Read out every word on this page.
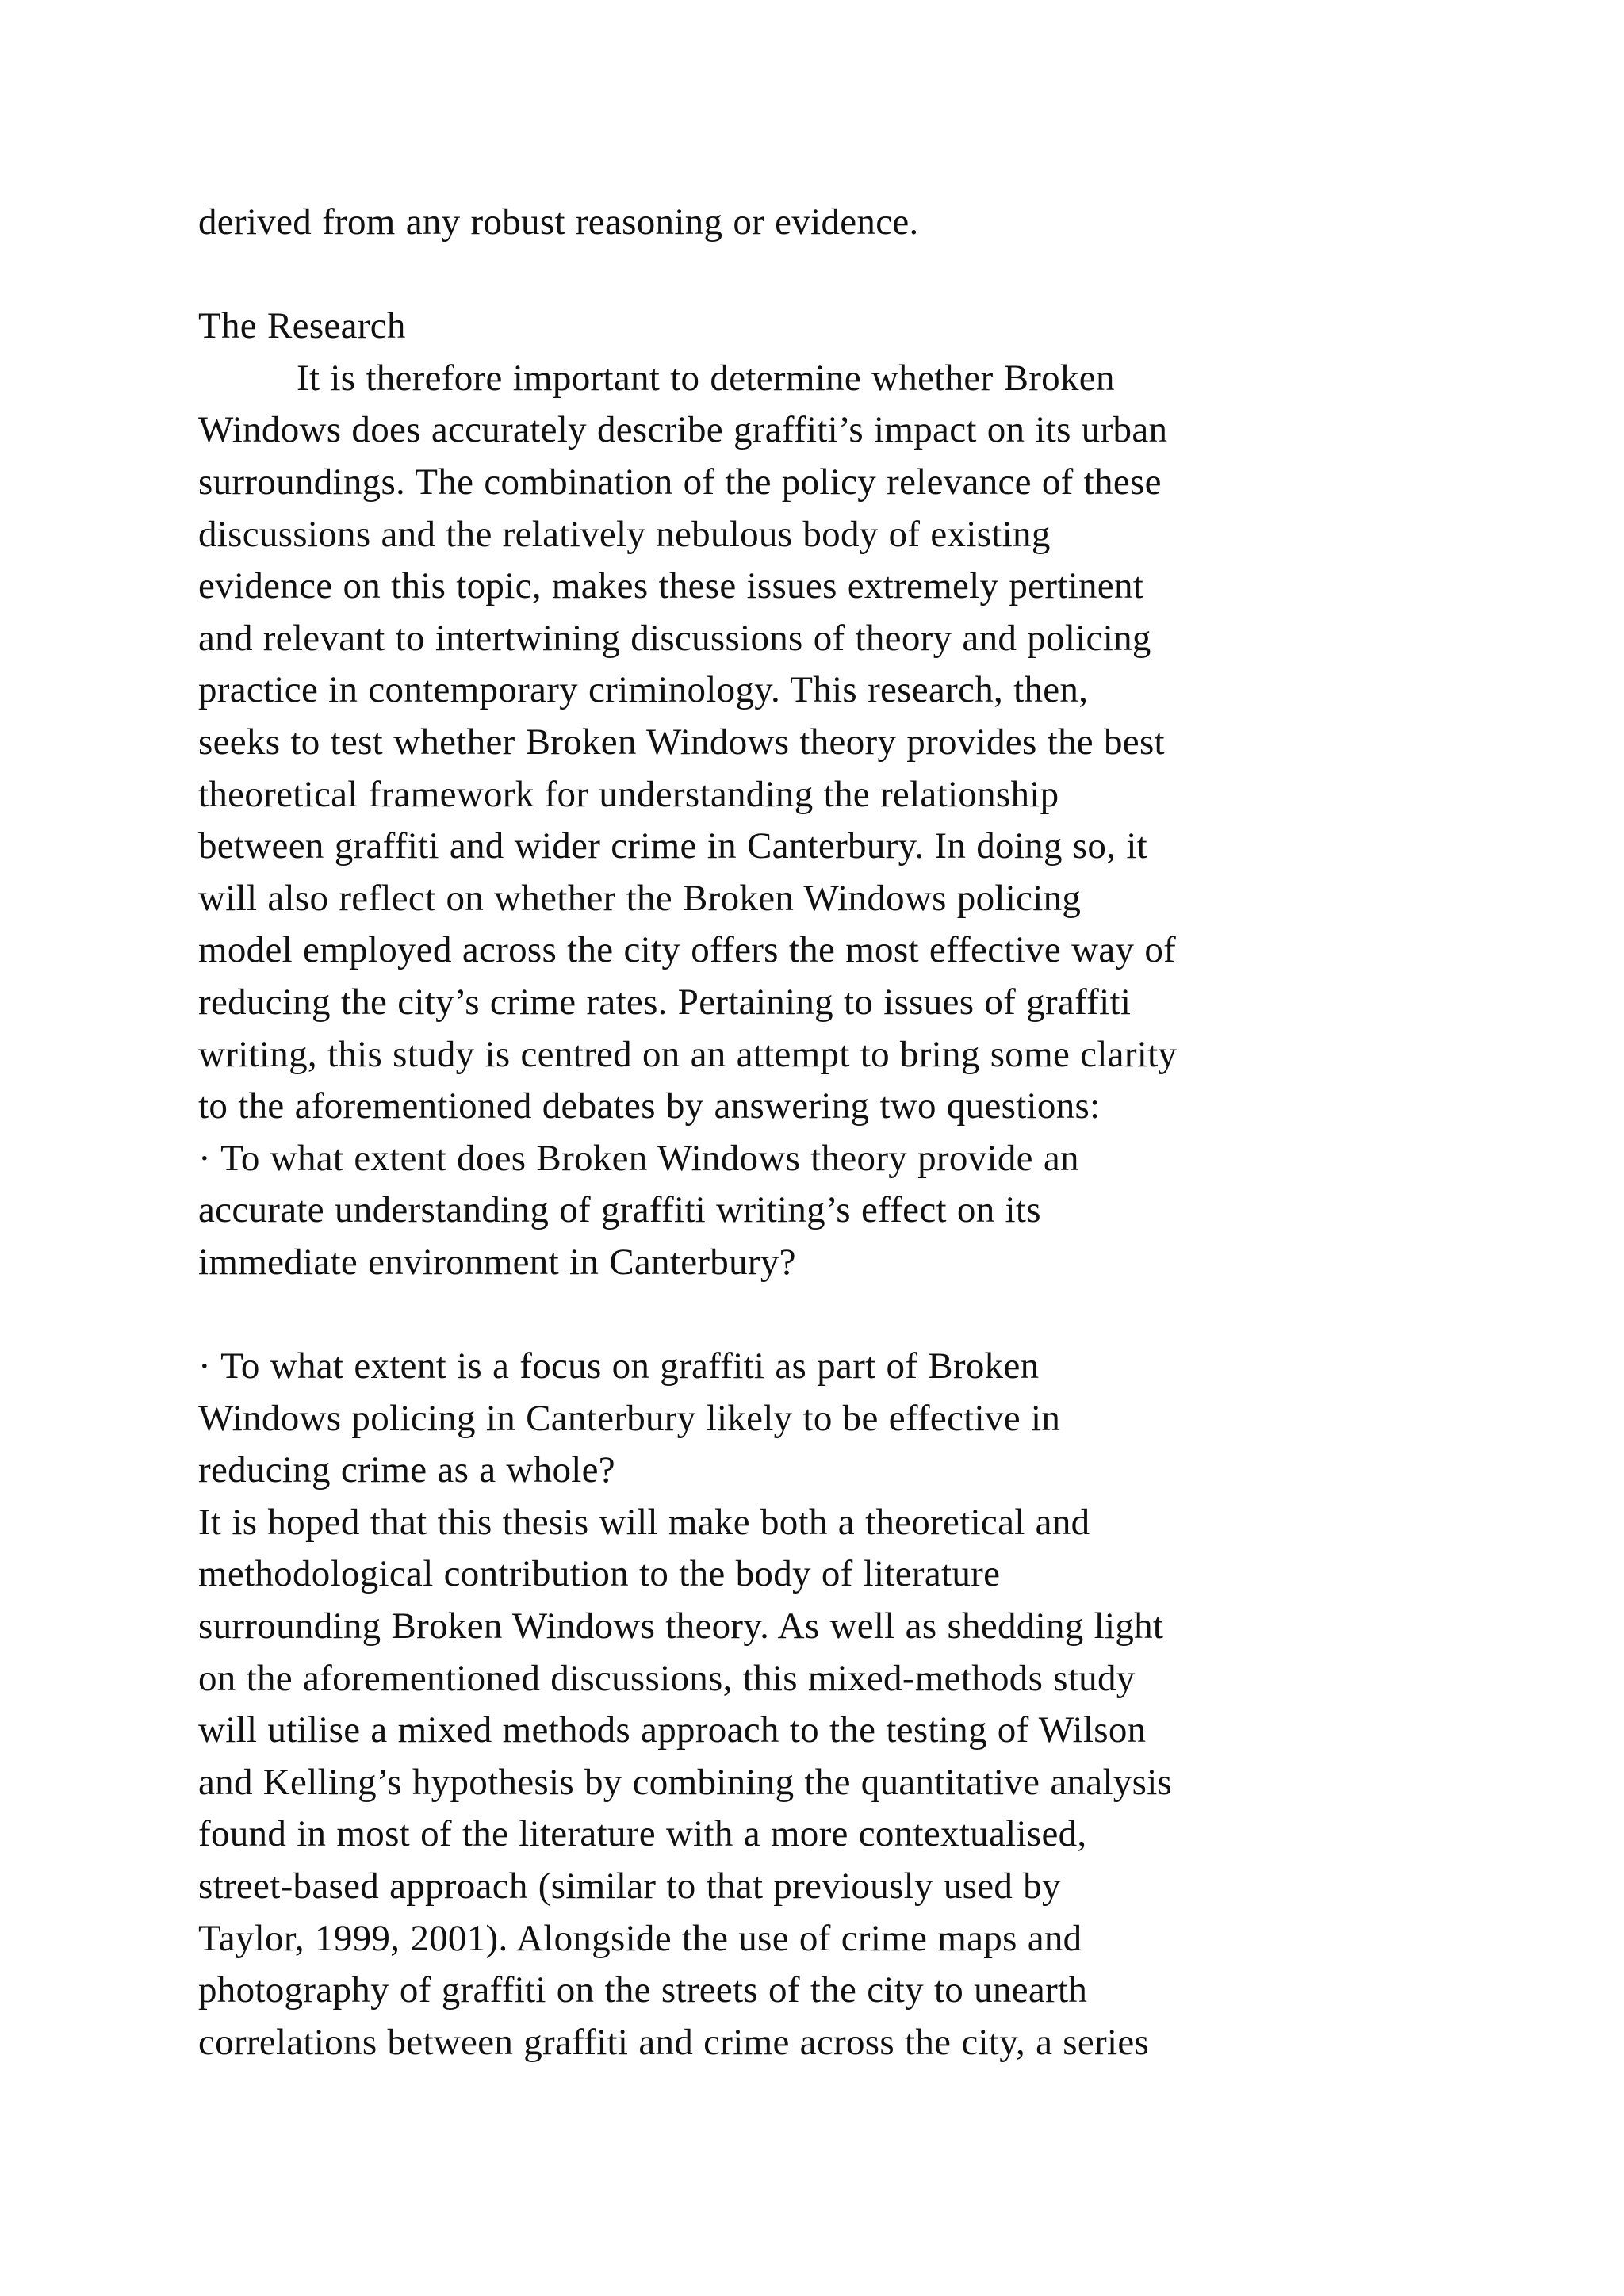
derived from any robust reasoning or evidence.
The Research
It is therefore important to determine whether Broken
Windows does accurately describe graffiti’s impact on its urban
surroundings. The combination of the policy relevance of these
discussions and the relatively nebulous body of existing
evidence on this topic, makes these issues extremely pertinent
and relevant to intertwining discussions of theory and policing
practice in contemporary criminology. This research, then,
seeks to test whether Broken Windows theory provides the best
theoretical framework for understanding the relationship
between graffiti and wider crime in Canterbury. In doing so, it
will also reflect on whether the Broken Windows policing
model employed across the city offers the most effective way of
reducing the city’s crime rates. Pertaining to issues of graffiti
writing, this study is centred on an attempt to bring some clarity
to the aforementioned debates by answering two questions:
· To what extent does Broken Windows theory provide an
accurate understanding of graffiti writing’s effect on its
immediate environment in Canterbury?
· To what extent is a focus on graffiti as part of Broken
Windows policing in Canterbury likely to be effective in
reducing crime as a whole?
It is hoped that this thesis will make both a theoretical and
methodological contribution to the body of literature
surrounding Broken Windows theory. As well as shedding light
on the aforementioned discussions, this mixed-methods study
will utilise a mixed methods approach to the testing of Wilson
and Kelling’s hypothesis by combining the quantitative analysis
found in most of the literature with a more contextualised,
street-based approach (similar to that previously used by
Taylor, 1999, 2001). Alongside the use of crime maps and
photography of graffiti on the streets of the city to unearth
correlations between graffiti and crime across the city, a series
